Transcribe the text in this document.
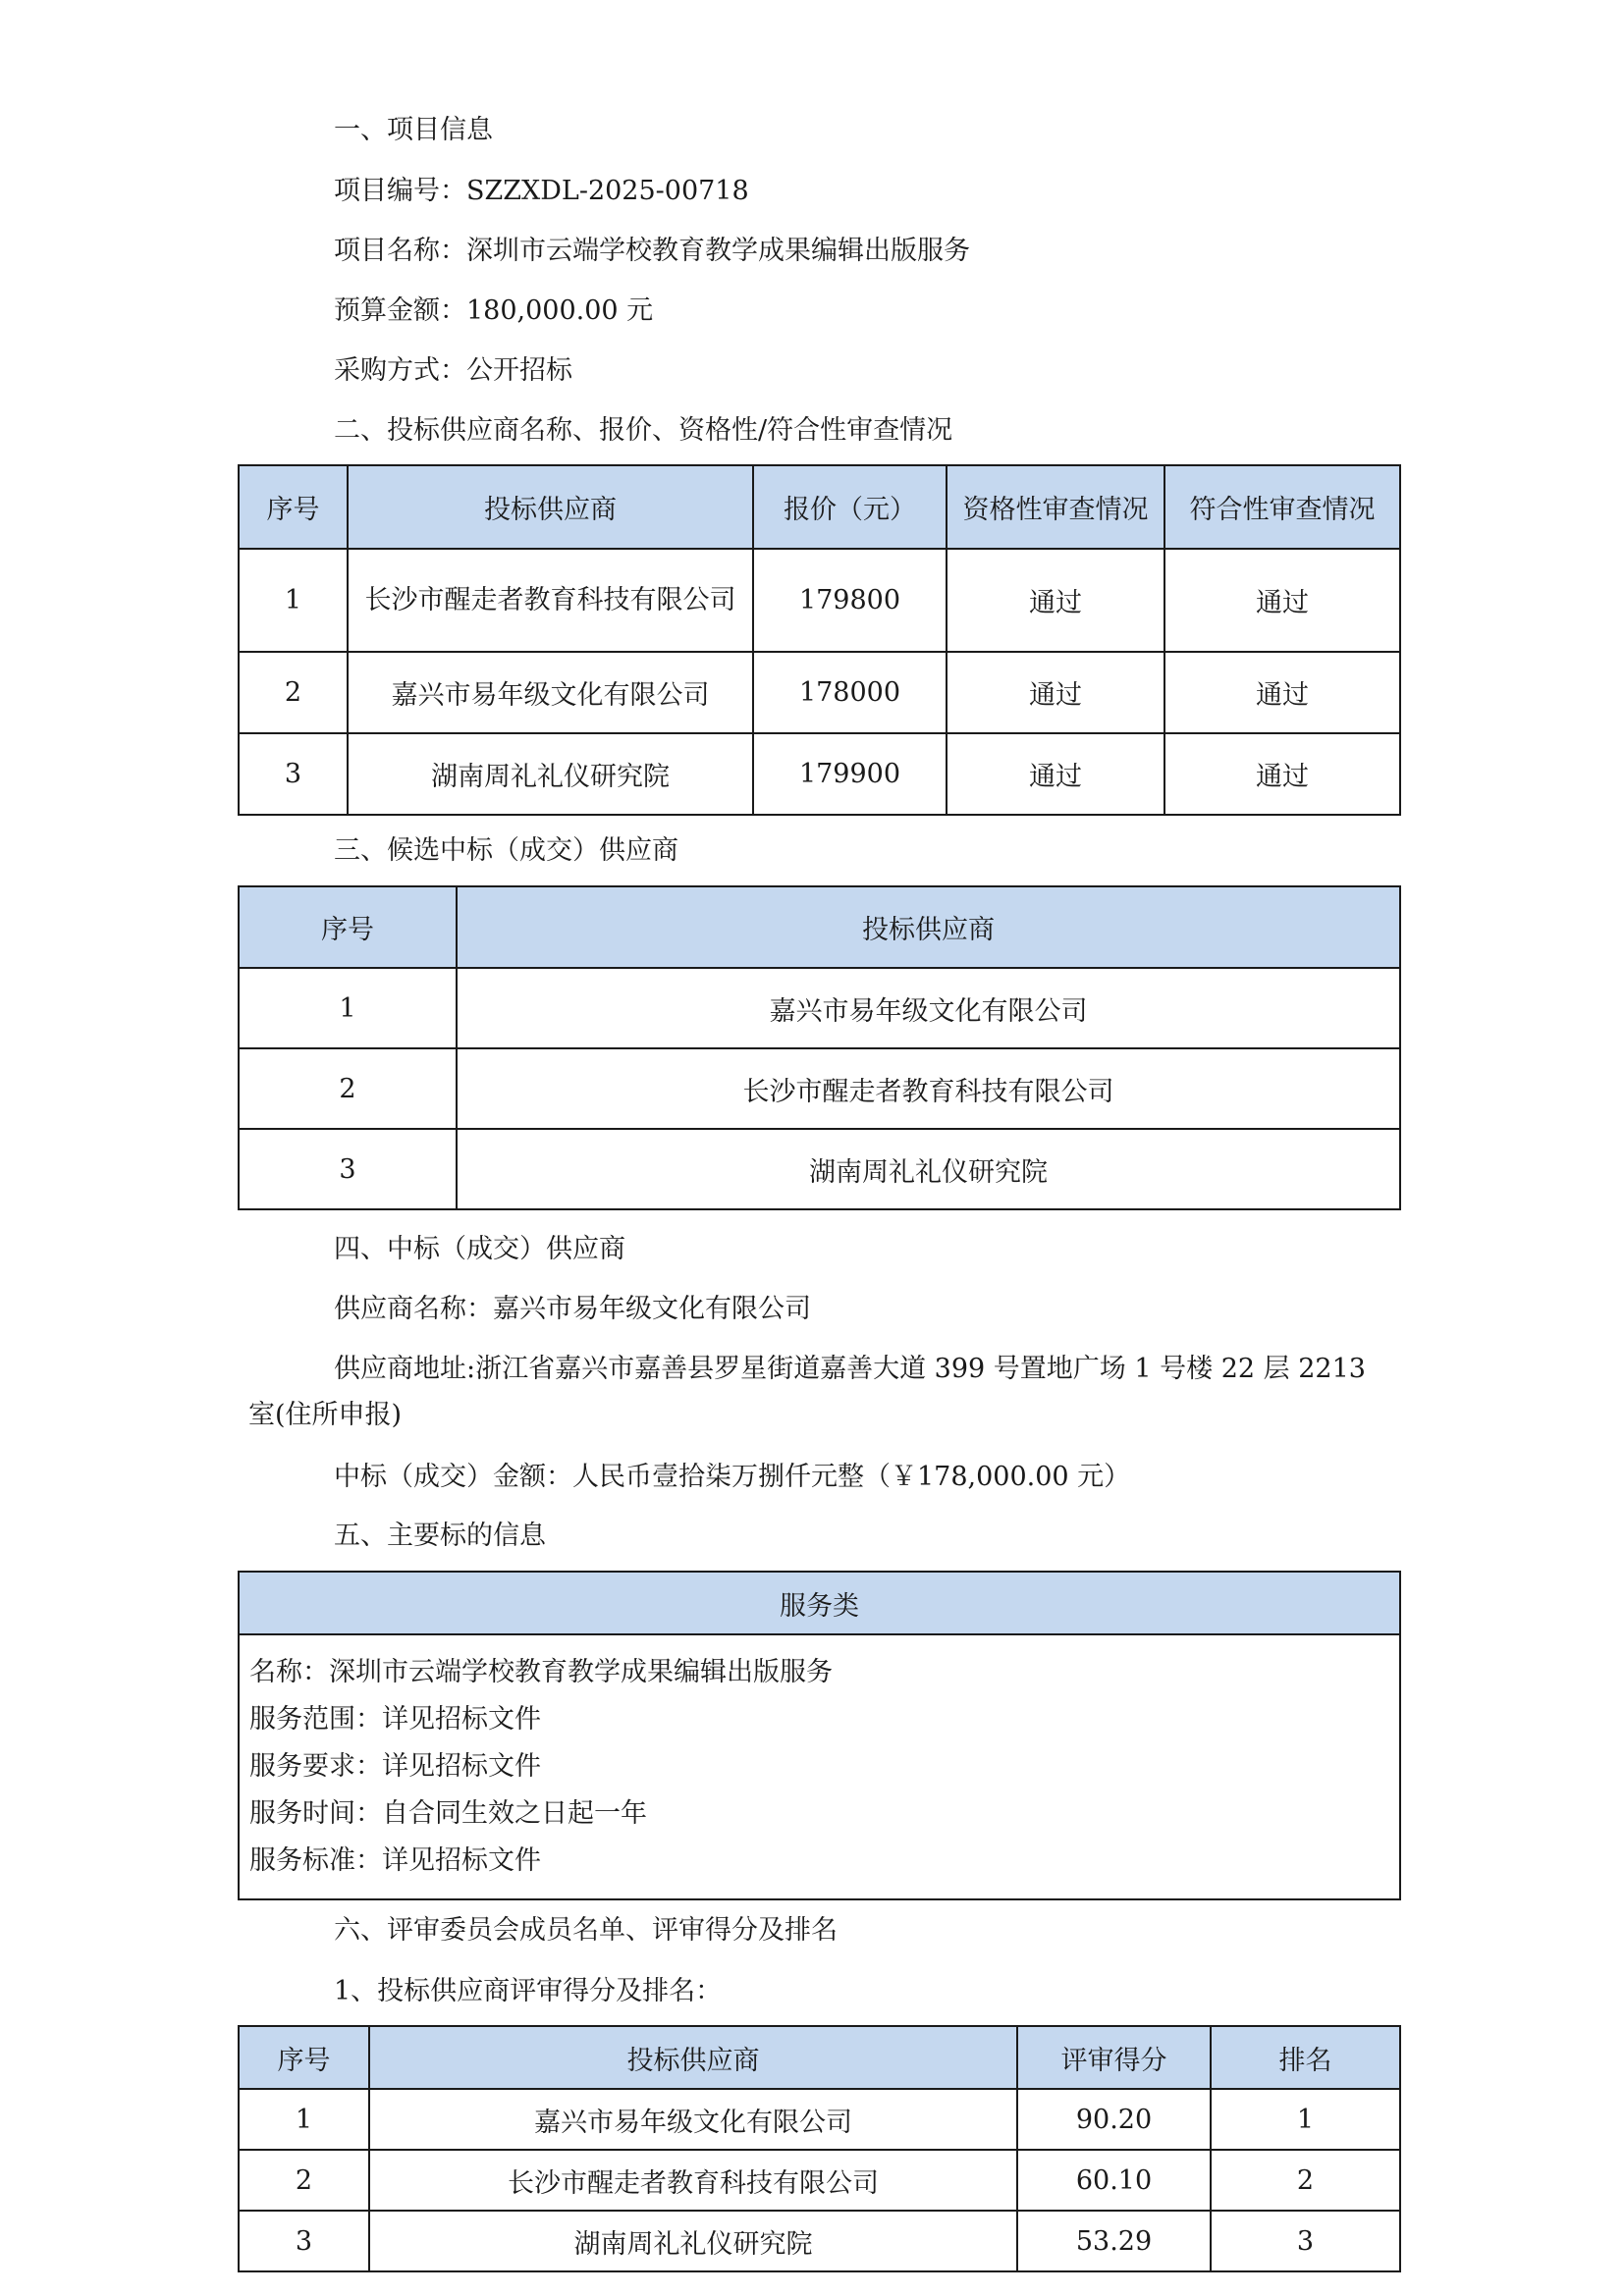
一、项目信息
项目编号：SZZXDL-2025-00718
项目名称：深圳市云端学校教育教学成果编辑出版服务
预算金额：180,000.00 元
采购方式：公开招标
二、投标供应商名称、报价、资格性/符合性审查情况
序号	投标供应商	报价（元）	资格性审查情况	符合性审查情况
1	长沙市醒走者教育科技有限公司	179800	通过	通过
2	嘉兴市易年级文化有限公司	178000	通过	通过
3	湖南周礼礼仪研究院	179900	通过	通过
三、候选中标（成交）供应商
序号	投标供应商
1	嘉兴市易年级文化有限公司
2	长沙市醒走者教育科技有限公司
3	湖南周礼礼仪研究院
四、中标（成交）供应商
供应商名称：嘉兴市易年级文化有限公司
供应商地址:浙江省嘉兴市嘉善县罗星街道嘉善大道 399 号置地广场 1 号楼 22 层 2213
室(住所申报)
中标（成交）金额：人民币壹拾柒万捌仟元整（￥178,000.00 元）
五、主要标的信息
服务类

名称：深圳市云端学校教育教学成果编辑出版服务
服务范围：详见招标文件
服务要求：详见招标文件
服务时间：自合同生效之日起一年
服务标准：详见招标文件
六、评审委员会成员名单、评审得分及排名
1、投标供应商评审得分及排名：
序号	投标供应商	评审得分	排名
1	嘉兴市易年级文化有限公司	90.20	1
2	长沙市醒走者教育科技有限公司	60.10	2
3	湖南周礼礼仪研究院	53.29	3
